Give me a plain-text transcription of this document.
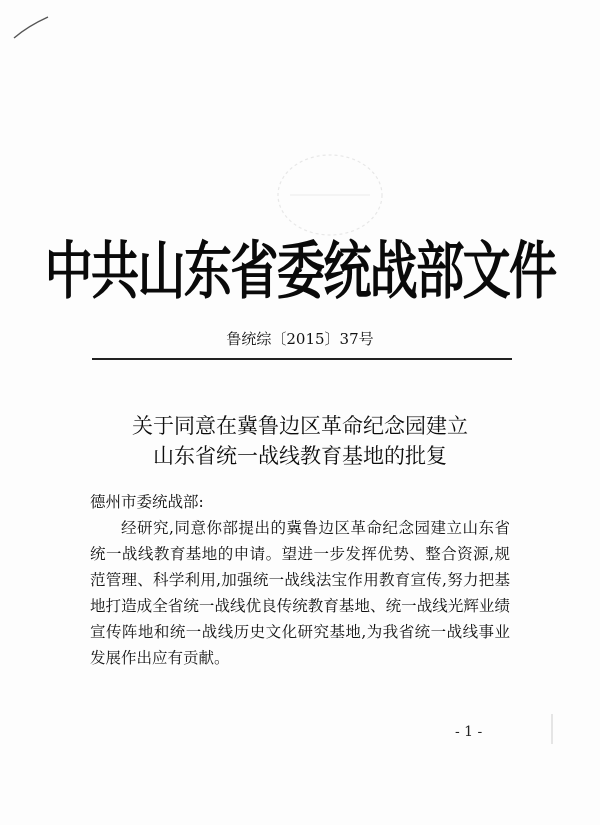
中共山东省委统战部文件
鲁统综〔2015〕37号
关于同意在冀鲁边区革命纪念园建立
山东省统一战线教育基地的批复
德州市委统战部:

经研究,同意你部提出的冀鲁边区革命纪念园建立山东省统一战线教育基地的申请。望进一步发挥优势、整合资源,规范管理、科学利用,加强统一战线法宝作用教育宣传,努力把基地打造成全省统一战线优良传统教育基地、统一战线光辉业绩宣传阵地和统一战线历史文化研究基地,为我省统一战线事业发展作出应有贡献。

- 1 -
